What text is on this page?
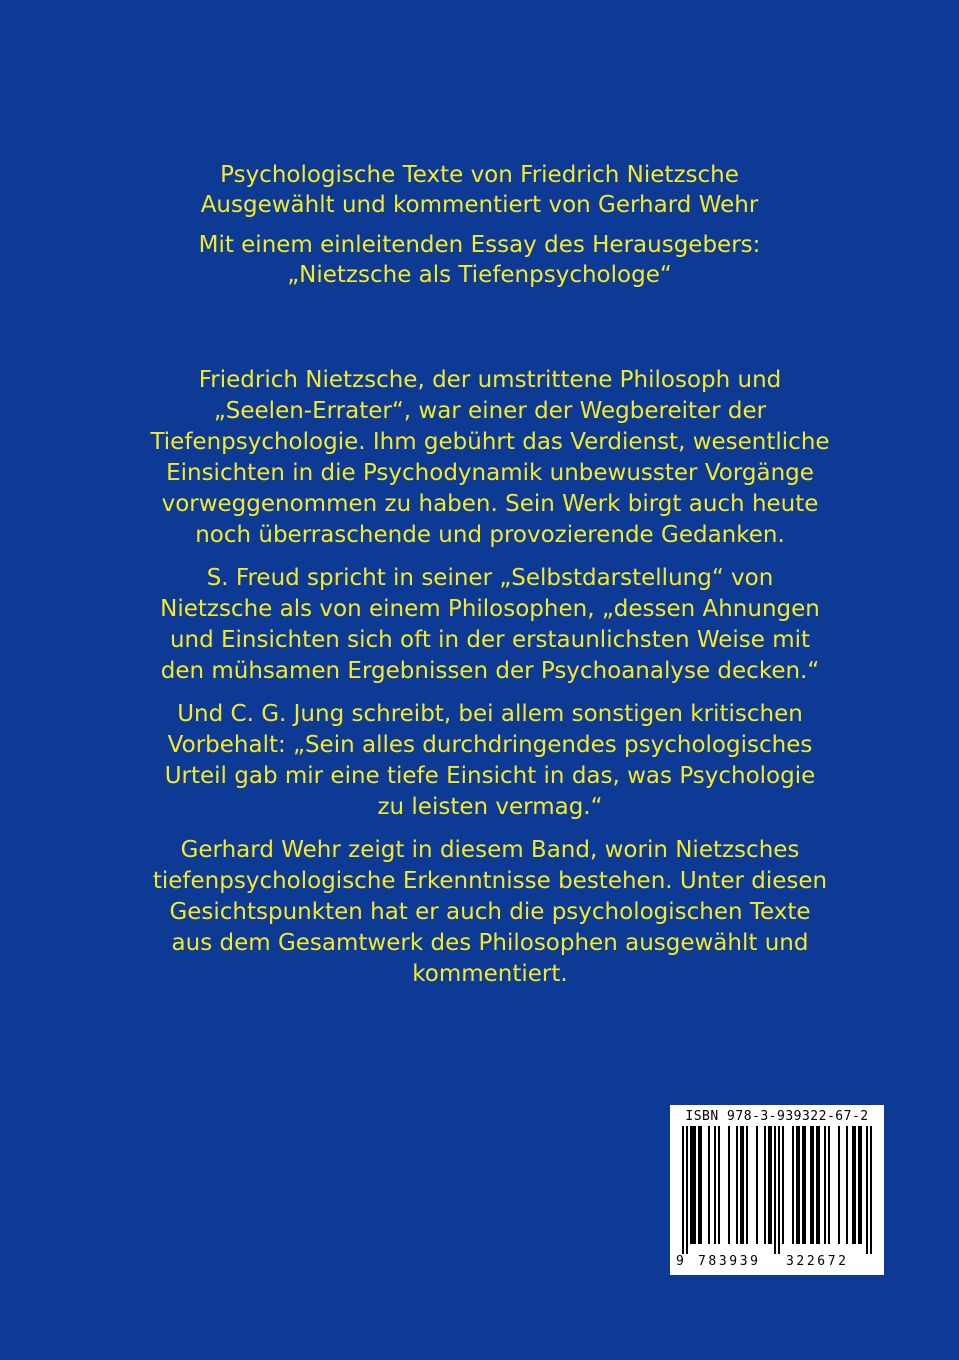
Psychologische Texte von Friedrich Nietzsche

Ausgewählt und kommentiert von Gerhard Wehr

Mit einem einleitenden Essay des Herausgebers:

„Nietzsche als Tiefenpsychologe“

Friedrich Nietzsche, der umstrittene Philosoph und „Seelen-Errater“, war einer der Wegbereiter der Tiefenpsychologie. Ihm gebührt das Verdienst, wesentliche Einsichten in die Psychodynamik unbewusster Vorgänge vorweggenommen zu haben. Sein Werk birgt auch heute noch überraschende und provozierende Gedanken.

S. Freud spricht in seiner „Selbstdarstellung“ von Nietzsche als von einem Philosophen, „dessen Ahnungen und Einsichten sich oft in der erstaunlichsten Weise mit den mühsamen Ergebnissen der Psychoanalyse decken.“

Und C. G. Jung schreibt, bei allem sonstigen kritischen Vorbehalt: „Sein alles durchdringendes psychologisches Urteil gab mir eine tiefe Einsicht in das, was Psychologie zu leisten vermag.“

Gerhard Wehr zeigt in diesem Band, worin Nietzsches tiefenpsychologische Erkenntnisse bestehen. Unter diesen Gesichtspunkten hat er auch die psychologischen Texte aus dem Gesamtwerk des Philosophen ausgewählt und kommentiert.

ISBN 978-3-939322-67-2
9 783939 322672
